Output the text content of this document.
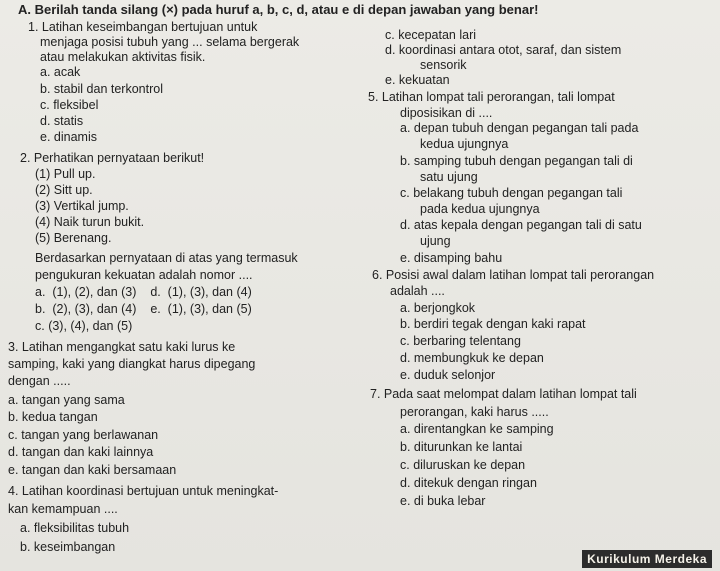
A. Berilah tanda silang (×) pada huruf a, b, c, d, atau e di depan jawaban yang benar!
1. Latihan keseimbangan bertujuan untuk
menjaga posisi tubuh yang ... selama bergerak
atau melakukan aktivitas fisik.
a. acak
b. stabil dan terkontrol
c. fleksibel
d. statis
e. dinamis
2. Perhatikan pernyataan berikut!
(1) Pull up.
(2) Sitt up.
(3) Vertikal jump.
(4) Naik turun bukit.
(5) Berenang.
Berdasarkan pernyataan di atas yang termasuk
pengukuran kekuatan adalah nomor ....
a.  (1), (2), dan (3)    d.  (1), (3), dan (4)
b.  (2), (3), dan (4)    e.  (1), (3), dan (5)
c. (3), (4), dan (5)
3. Latihan mengangkat satu kaki lurus ke
samping, kaki yang diangkat harus dipegang
dengan .....
a. tangan yang sama
b. kedua tangan
c. tangan yang berlawanan
d. tangan dan kaki lainnya
e. tangan dan kaki bersamaan
4. Latihan koordinasi bertujuan untuk meningkat-
kan kemampuan ....
a. fleksibilitas tubuh
b. keseimbangan
c. kecepatan lari
d. koordinasi antara otot, saraf, dan sistem
sensorik
e. kekuatan
5. Latihan lompat tali perorangan, tali lompat
diposisikan di ....
a. depan tubuh dengan pegangan tali pada
kedua ujungnya
b. samping tubuh dengan pegangan tali di
satu ujung
c. belakang tubuh dengan pegangan tali
pada kedua ujungnya
d. atas kepala dengan pegangan tali di satu
ujung
e. disamping bahu
6. Posisi awal dalam latihan lompat tali perorangan
adalah ....
a. berjongkok
b. berdiri tegak dengan kaki rapat
c. berbaring telentang
d. membungkuk ke depan
e. duduk selonjor
7. Pada saat melompat dalam latihan lompat tali
perorangan, kaki harus .....
a. direntangkan ke samping
b. diturunkan ke lantai
c. diluruskan ke depan
d. ditekuk dengan ringan
e. di buka lebar
Kurikulum Merdeka
